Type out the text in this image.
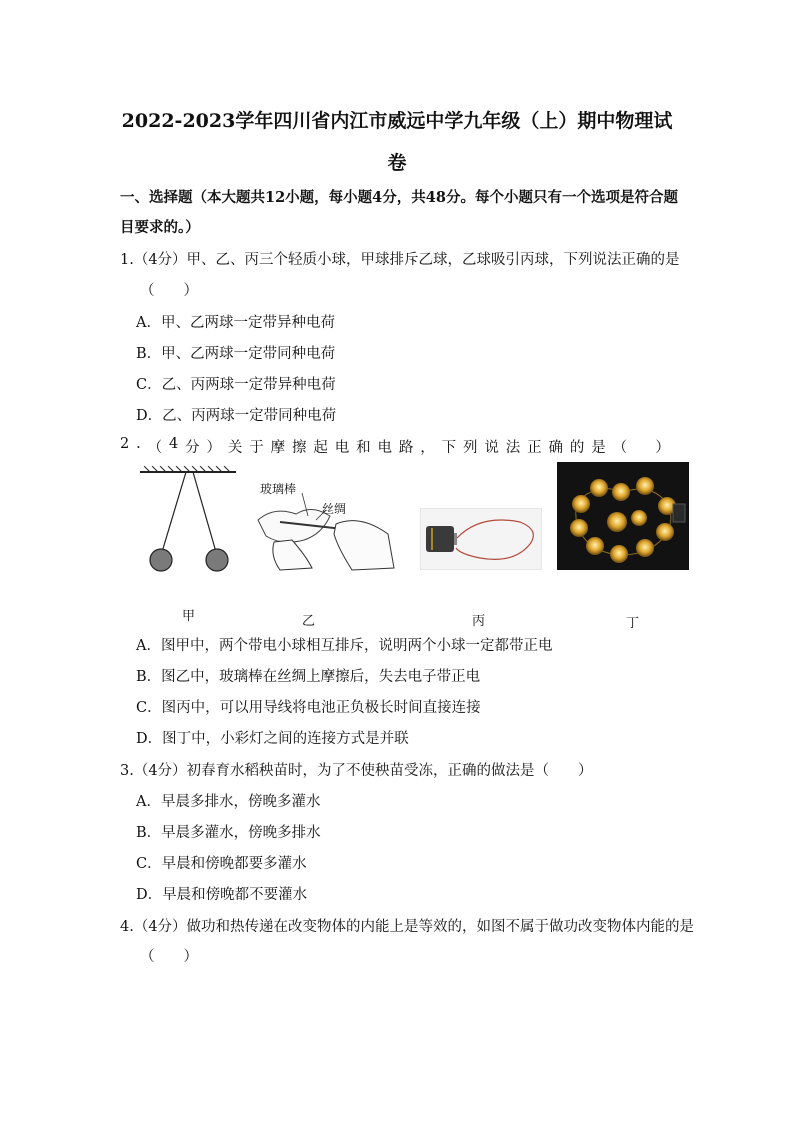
2022-2023学年四川省内江市威远中学九年级（上）期中物理试
卷
一、选择题（本大题共12小题，每小题4分，共48分。每个小题只有一个选项是符合题
目要求的。）
1.（4分）甲、乙、丙三个轻质小球，甲球排斥乙球，乙球吸引丙球，下列说法正确的是
（　　）
A．甲、乙两球一定带异种电荷
B．甲、乙两球一定带同种电荷
C．乙、丙两球一定带异种电荷
D．乙、丙两球一定带同种电荷
2 . （ 4 分 ） 关 于 摩 擦 起 电 和 电 路 ， 下 列 说 法 正 确 的 是 （
　 ）
玻璃棒
丝绸
甲	乙	丙	丁
A．图甲中，两个带电小球相互排斥，说明两个小球一定都带正电
B．图乙中，玻璃棒在丝绸上摩擦后，失去电子带正电
C．图丙中，可以用导线将电池正负极长时间直接连接
D．图丁中，小彩灯之间的连接方式是并联
3.（4分）初春育水稻秧苗时，为了不使秧苗受冻，正确的做法是（　　）
A．早晨多排水，傍晚多灌水
B．早晨多灌水，傍晚多排水
C．早晨和傍晚都要多灌水
D．早晨和傍晚都不要灌水
4.（4分）做功和热传递在改变物体的内能上是等效的，如图不属于做功改变物体内能的是
（　　）
